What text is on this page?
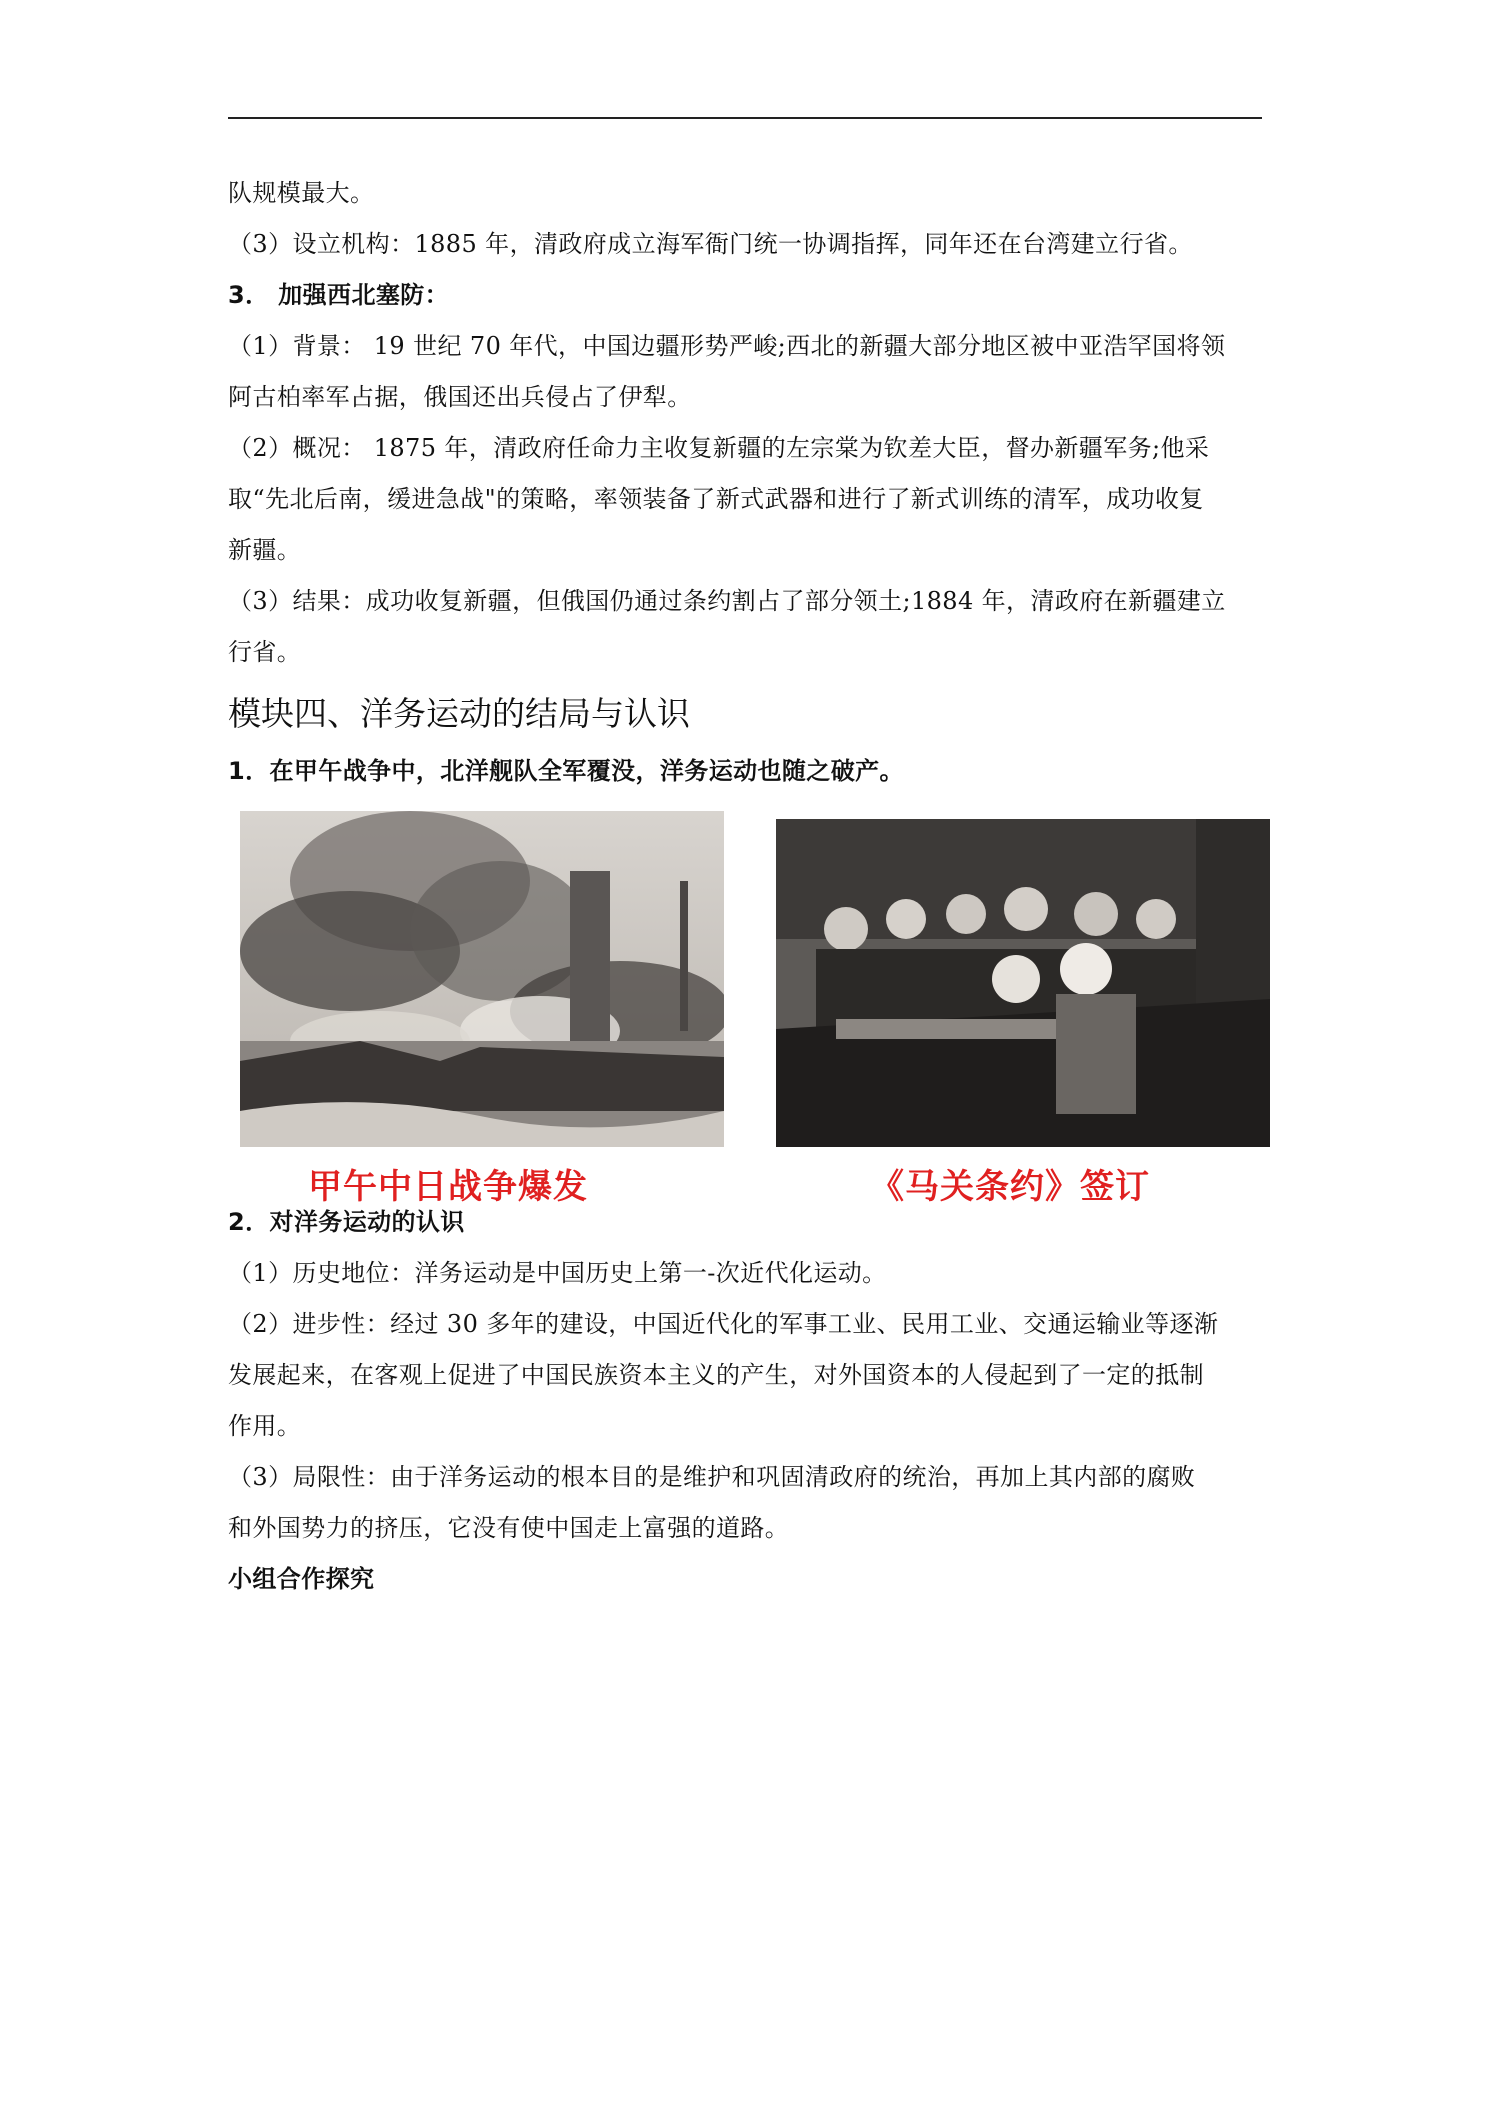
队规模最大。

（3）设立机构：1885 年，清政府成立海军衙门统一协调指挥，同年还在台湾建立行省。

3． 加强西北塞防：

（1）背景： 19 世纪 70 年代，中国边疆形势严峻;西北的新疆大部分地区被中亚浩罕国将领

阿古柏率军占据，俄国还出兵侵占了伊犁。

（2）概况： 1875 年，清政府任命力主收复新疆的左宗棠为钦差大臣，督办新疆军务;他采

取“先北后南，缓进急战"的策略，率领装备了新式武器和进行了新式训练的清军，成功收复

新疆。

（3）结果：成功收复新疆，但俄国仍通过条约割占了部分领土;1884 年，清政府在新疆建立

行省。

模块四、洋务运动的结局与认识

1．在甲午战争中，北洋舰队全军覆没，洋务运动也随之破产。

甲午中日战争爆发	《马关条约》签订

2．对洋务运动的认识

（1）历史地位：洋务运动是中国历史上第一-次近代化运动。

（2）进步性：经过 30 多年的建设，中国近代化的军事工业、民用工业、交通运输业等逐渐

发展起来，在客观上促进了中国民族资本主义的产生，对外国资本的人侵起到了一定的抵制

作用。

（3）局限性：由于洋务运动的根本目的是维护和巩固清政府的统治，再加上其内部的腐败

和外国势力的挤压，它没有使中国走上富强的道路。

小组合作探究
